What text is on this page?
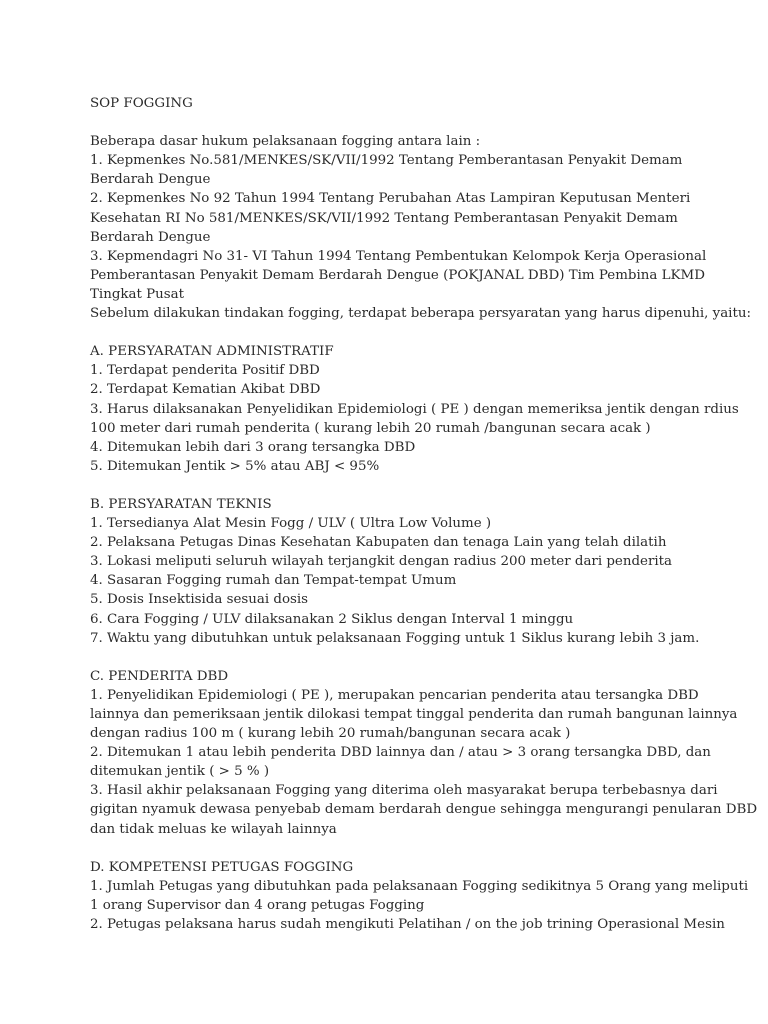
SOP FOGGING
Beberapa dasar hukum pelaksanaan fogging antara lain :
1. Kepmenkes No.581/MENKES/SK/VII/1992 Tentang Pemberantasan Penyakit Demam
Berdarah Dengue
2. Kepmenkes No 92 Tahun 1994 Tentang Perubahan Atas Lampiran Keputusan Menteri
Kesehatan RI No 581/MENKES/SK/VII/1992 Tentang Pemberantasan Penyakit Demam
Berdarah Dengue
3. Kepmendagri No 31- VI Tahun 1994 Tentang Pembentukan Kelompok Kerja Operasional
Pemberantasan Penyakit Demam Berdarah Dengue (POKJANAL DBD) Tim Pembina LKMD
Tingkat Pusat
Sebelum dilakukan tindakan fogging, terdapat beberapa persyaratan yang harus dipenuhi, yaitu:
A. PERSYARATAN ADMINISTRATIF
1. Terdapat penderita Positif DBD
2. Terdapat Kematian Akibat DBD
3. Harus dilaksanakan Penyelidikan Epidemiologi ( PE ) dengan memeriksa jentik dengan rdius
100 meter dari rumah penderita ( kurang lebih 20 rumah /bangunan secara acak )
4. Ditemukan lebih dari 3 orang tersangka DBD
5. Ditemukan Jentik > 5% atau ABJ < 95%
B. PERSYARATAN TEKNIS
1. Tersedianya Alat Mesin Fogg / ULV ( Ultra Low Volume )
2. Pelaksana Petugas Dinas Kesehatan Kabupaten dan tenaga Lain yang telah dilatih
3. Lokasi meliputi seluruh wilayah terjangkit dengan radius 200 meter dari penderita
4. Sasaran Fogging rumah dan Tempat-tempat Umum
5. Dosis Insektisida sesuai dosis
6. Cara Fogging / ULV dilaksanakan 2 Siklus dengan Interval 1 minggu
7. Waktu yang dibutuhkan untuk pelaksanaan Fogging untuk 1 Siklus kurang lebih 3 jam.
C. PENDERITA DBD
1. Penyelidikan Epidemiologi ( PE ), merupakan pencarian penderita atau tersangka DBD
lainnya dan pemeriksaan jentik dilokasi tempat tinggal penderita dan rumah bangunan lainnya
dengan radius 100 m ( kurang lebih 20 rumah/bangunan secara acak )
2. Ditemukan 1 atau lebih penderita DBD lainnya dan / atau > 3 orang tersangka DBD, dan
ditemukan jentik ( > 5 % )
3. Hasil akhir pelaksanaan Fogging yang diterima oleh masyarakat berupa terbebasnya dari
gigitan nyamuk dewasa penyebab demam berdarah dengue sehingga mengurangi penularan DBD
dan tidak meluas ke wilayah lainnya
D. KOMPETENSI PETUGAS FOGGING
1. Jumlah Petugas yang dibutuhkan pada pelaksanaan Fogging sedikitnya 5 Orang yang meliputi
1 orang Supervisor dan 4 orang petugas Fogging
2. Petugas pelaksana harus sudah mengikuti Pelatihan / on the job trining Operasional Mesin
